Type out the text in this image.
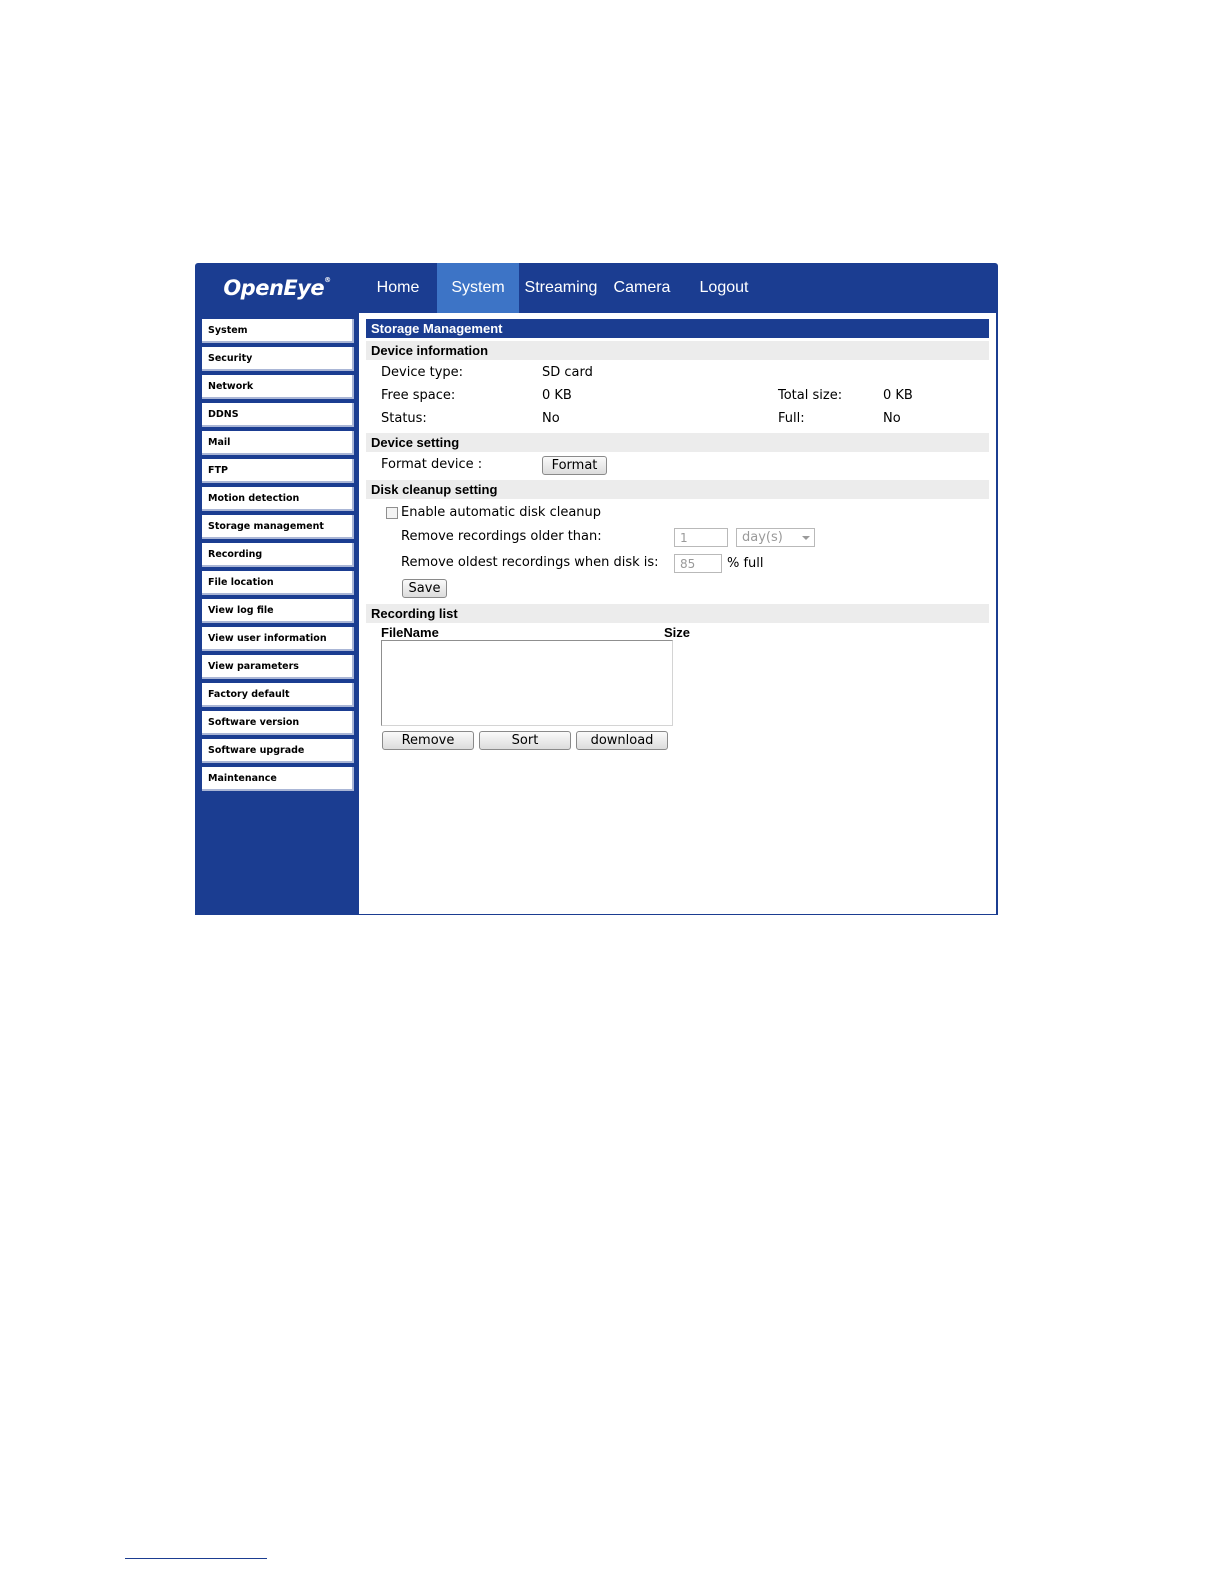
OpenEye®	Home	System	Streaming	Camera	Logout
System
Security
Network
DDNS
Mail
FTP
Motion detection
Storage management
Recording
File location
View log file
View user information
View parameters
Factory default
Software version
Software upgrade
Maintenance
Storage Management
Device information
Device type:	SD card
Free space:	0 KB	Total size:	0 KB
Status:	No	Full:	No
Device setting
Format device :	Format
Disk cleanup setting
Enable automatic disk cleanup
Remove recordings older than:	1	day(s)
Remove oldest recordings when disk is:	85	% full
Save
Recording list
FileName	Size
Remove	Sort	download
